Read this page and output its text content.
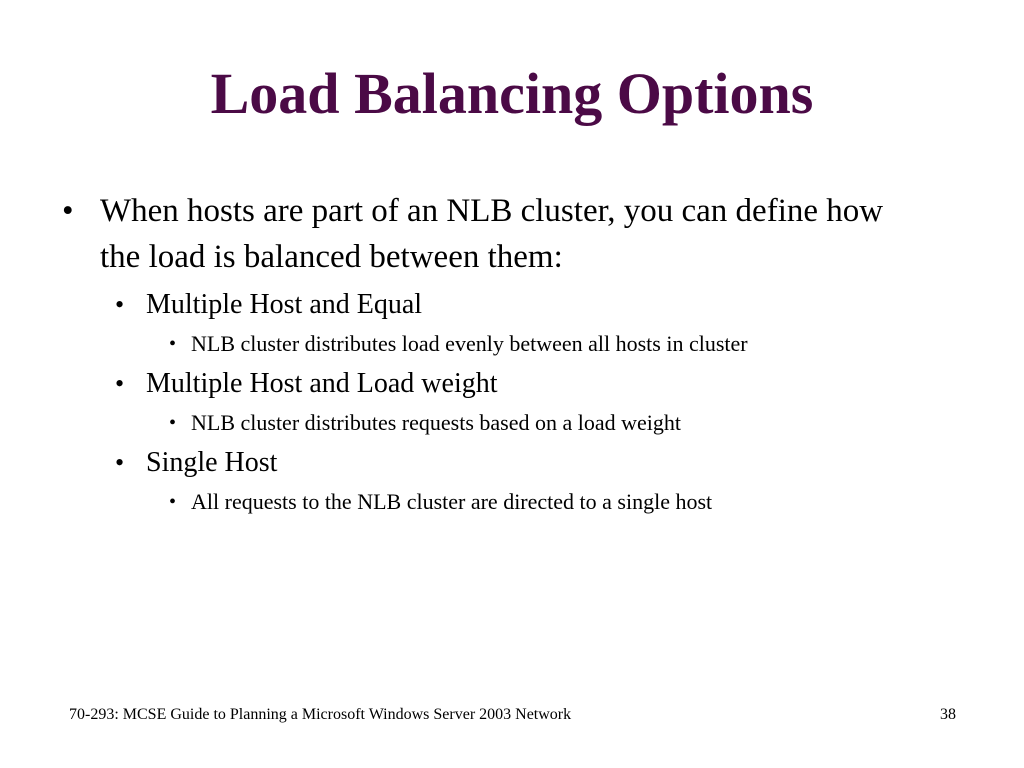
Load Balancing Options
• When hosts are part of an NLB cluster, you can define how the load is balanced between them:
• Multiple Host and Equal
• NLB cluster distributes load evenly between all hosts in cluster
• Multiple Host and Load weight
• NLB cluster distributes requests based on a load weight
• Single Host
• All requests to the NLB cluster are directed to a single host
70-293: MCSE Guide to Planning a Microsoft Windows Server 2003 Network	38
